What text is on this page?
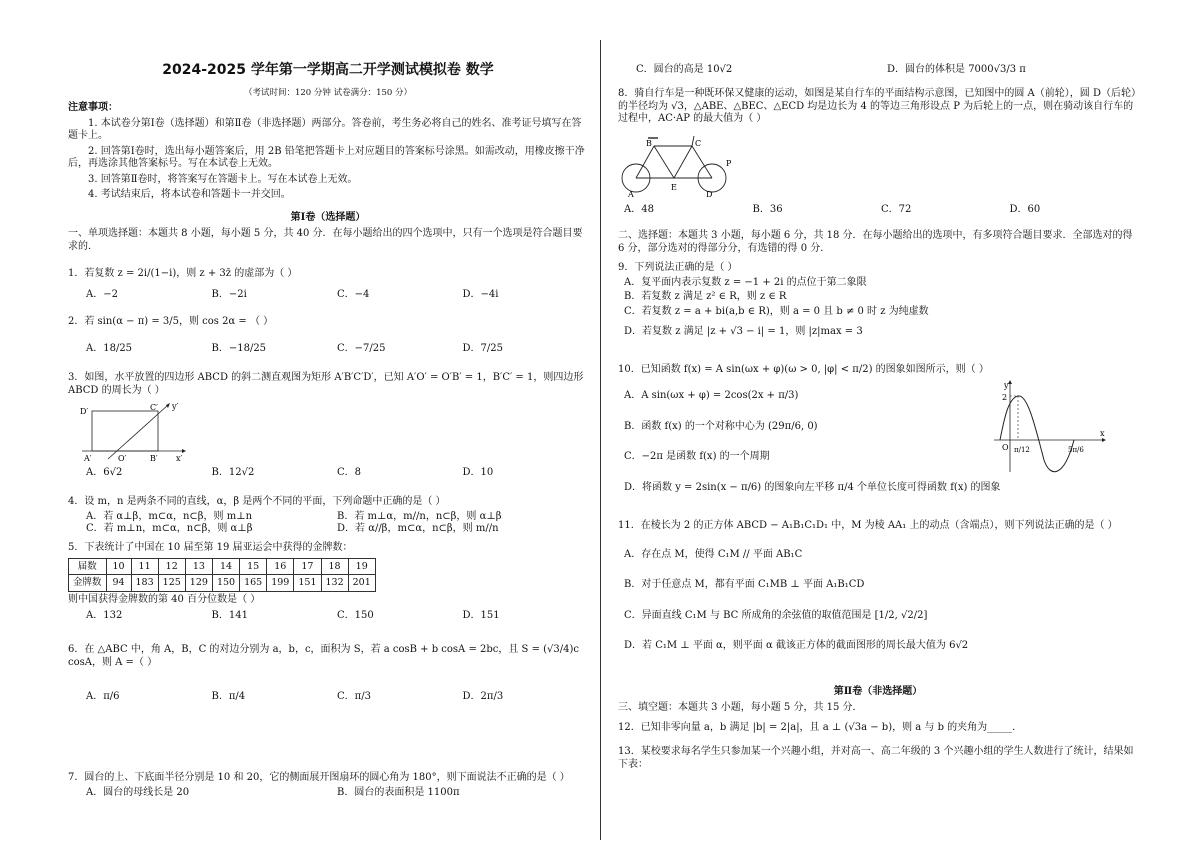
2024-2025 学年第一学期高二开学测试模拟卷 数学
（考试时间：120 分钟 试卷满分：150 分）
注意事项：
1. 本试卷分第Ⅰ卷（选择题）和第Ⅱ卷（非选择题）两部分。答卷前，考生务必将自己的姓名、准考证号填写在答题卡上。
2. 回答第Ⅰ卷时，选出每小题答案后，用 2B 铅笔把答题卡上对应题目的答案标号涂黑。如需改动，用橡皮擦干净后，再选涂其他答案标号。写在本试卷上无效。
3. 回答第Ⅱ卷时，将答案写在答题卡上。写在本试卷上无效。
4. 考试结束后，将本试卷和答题卡一并交回。
第Ⅰ卷（选择题）
一、单项选择题：本题共 8 小题，每小题 5 分，共 40 分．在每小题给出的四个选项中，只有一个选项是符合题目要求的．
1．若复数 z = 2i/(1−i)，则 z + 3z̄ 的虚部为（ ）
A．−2	B．−2i	C．−4	D．−4i
2．若 sin(α − π) = 3/5，则 cos 2α = （ ）
A．18/25	B．−18/25	C．−7/25	D．7/25
3．如图，水平放置的四边形 ABCD 的斜二测直观图为矩形 A′B′C′D′，已知 A′O′ = O′B′ = 1，B′C′ = 1，则四边形 ABCD 的周长为（ ）
D′	C′
A′	O′	B′ x′
y′
A．6√2	B．12√2	C．8	D．10
4．设 m，n 是两条不同的直线，α，β 是两个不同的平面，下列命题中正确的是（ ）
A．若 α⊥β，m⊂α，n⊂β，则 m⊥n	B．若 m⊥α，m//n，n⊂β，则 α⊥β
C．若 m⊥n，m⊂α，n⊂β，则 α⊥β	D．若 α//β，m⊂α，n⊂β，则 m//n
5．下表统计了中国在 10 届至第 19 届亚运会中获得的金牌数：
届数	10	11	12	13	14	15	16	17	18	19
金牌数	94	183	125	129	150	165	199	151	132	201
则中国获得金牌数的第 40 百分位数是（ ）
A．132	B．141	C．150	D．151
6．在 △ABC 中，角 A，B，C 的对边分别为 a，b，c，面积为 S，若 a cosB + b cosA = 2bc，且 S = (√3/4)c cosA，则 A =（ ）
A．π/6	B．π/4	C．π/3	D．2π/3
7．圆台的上、下底面半径分别是 10 和 20，它的侧面展开图扇环的圆心角为 180°，则下面说法不正确的是（ ）
A．圆台的母线长是 20	B．圆台的表面积是 1100π
C．圆台的高是 10√2	D．圆台的体积是 7000√3/3 π
8．骑自行车是一种既环保又健康的运动，如图是某自行车的平面结构示意图，已知图中的圆 A（前轮），圆 D（后轮）的半径均为 √3，△ABE、△BEC、△ECD 均是边长为 4 的等边三角形设点 P 为后轮上的一点，则在骑动该自行车的过程中，AC·AP 的最大值为（ ）
A
B	C
D
E
P
A．48	B．36	C．72	D．60
二、选择题：本题共 3 小题，每小题 6 分，共 18 分．在每小题给出的选项中，有多项符合题目要求．全部选对的得 6 分，部分选对的得部分分，有选错的得 0 分．
9．下列说法正确的是（ ）
A．复平面内表示复数 z = −1 + 2i 的点位于第二象限
B．若复数 z 满足 z² ∈ R，则 z ∈ R
C．若复数 z = a + bi(a,b ∈ R)，则 a = 0 且 b ≠ 0 时 z 为纯虚数
D．若复数 z 满足 |z + √3 − i| = 1，则 |z|max = 3
10．已知函数 f(x) = A sin(ωx + φ)(ω > 0, |φ| < π/2) 的图象如图所示，则（ ）
A．A sin(ωx + φ) = 2cos(2x + π/3)
B．函数 f(x) 的一个对称中心为 (29π/6, 0)
C．−2π 是函数 f(x) 的一个周期
D．将函数 y = 2sin(x − π/6) 的图象向左平移 π/4 个单位长度可得函数 f(x) 的图象
y
x
O
2
π/12	5π/6
11．在棱长为 2 的正方体 ABCD − A₁B₁C₁D₁ 中，M 为棱 AA₁ 上的动点（含端点），则下列说法正确的是（ ）
A．存在点 M，使得 C₁M // 平面 AB₁C
B．对于任意点 M，都有平面 C₁MB ⊥ 平面 A₁B₁CD
C．异面直线 C₁M 与 BC 所成角的余弦值的取值范围是 [1/2, √2/2]
D．若 C₁M ⊥ 平面 α，则平面 α 截该正方体的截面图形的周长最大值为 6√2
第Ⅱ卷（非选择题）
三、填空题：本题共 3 小题，每小题 5 分，共 15 分．
12．已知非零向量 a，b 满足 |b| = 2|a|，且 a ⊥ (√3a − b)，则 a 与 b 的夹角为_____．
13．某校要求每名学生只参加某一个兴趣小组，并对高一、高二年级的 3 个兴趣小组的学生人数进行了统计，结果如下表：
